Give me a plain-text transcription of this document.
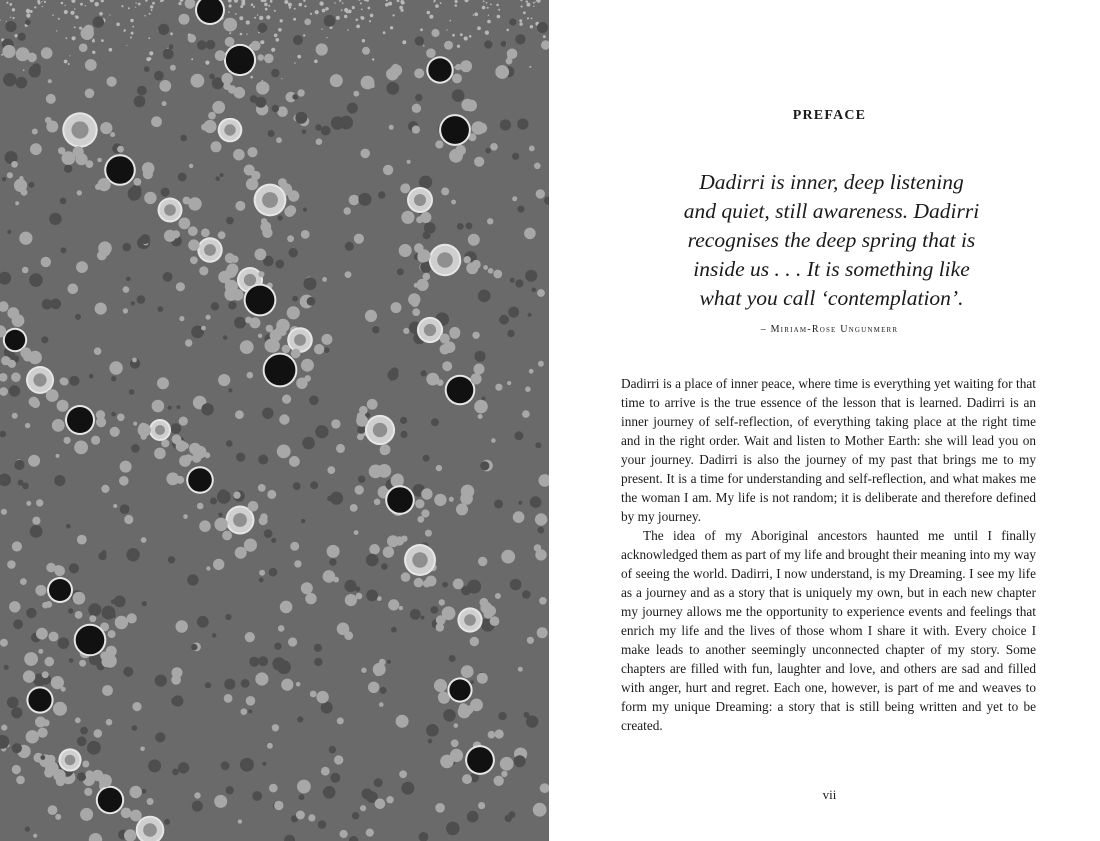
PREFACE
Dadirri is inner, deep listening
and quiet, still awareness. Dadirri
recognises the deep spring that is
inside us . . . It is something like
what you call ‘contemplation’.

– Miriam-Rose Ungunmerr

Dadirri is a place of inner peace, where time is everything yet waiting for that time to arrive is the true essence of the lesson that is learned. Dadirri is an inner journey of self-reflection, of everything taking place at the right time and in the right order. Wait and listen to Mother Earth: she will lead you on your journey. Dadirri is also the journey of my past that brings me to my present. It is a time for understanding and self-reflection, and what makes me the woman I am. My life is not random; it is deliberate and therefore defined by my journey.

The idea of my Aboriginal ancestors haunted me until I finally acknowledged them as part of my life and brought their meaning into my way of seeing the world. Dadirri, I now understand, is my Dreaming. I see my life as a journey and as a story that is uniquely my own, but in each new chapter my journey allows me the opportunity to experience events and feelings that enrich my life and the lives of those whom I share it with. Every choice I make leads to another seemingly unconnected chapter of my story. Some chapters are filled with fun, laughter and love, and others are sad and filled with anger, hurt and regret. Each one, however, is part of me and weaves to form my unique Dreaming: a story that is still being written and yet to be created.

vii
